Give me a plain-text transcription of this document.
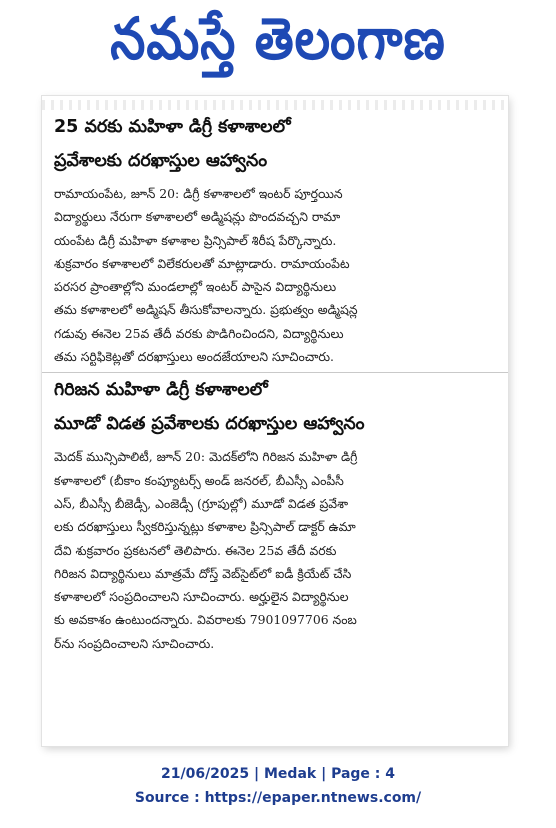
నమస్తే తెలంగాణ
25 వరకు మహిళా డిగ్రీ కళాశాలలో
ప్రవేశాలకు దరఖాస్తుల ఆహ్వానం

రామాయంపేట, జూన్ 20: డిగ్రీ కళాశాలలో ఇంటర్ పూర్తయిన

విద్యార్థులు నేరుగా కళాశాలలో అడ్మిషన్లు పొందవచ్చని రామా

యంపేట డిగ్రీ మహిళా కళాశాల ప్రిన్సిపాల్ శిరీష పేర్కొన్నారు.

శుక్రవారం కళాశాలలో విలేకరులతో మాట్లాడారు. రామాయంపేట

పరసర ప్రాంతాల్లోని మండలాల్లో ఇంటర్ పాసైన విద్యార్థినులు

తమ కళాశాలలో అడ్మిషన్ తీసుకోవాలన్నారు. ప్రభుత్వం అడ్మిషన్ల

గడువు ఈనెల 25వ తేదీ వరకు పొడిగించిందని, విద్యార్థినులు

తమ సర్టిఫికెట్లతో దరఖాస్తులు అందజేయాలని సూచించారు.

గిరిజన మహిళా డిగ్రీ కళాశాలలో
మూడో విడత ప్రవేశాలకు దరఖాస్తుల ఆహ్వానం

మెదక్ మున్సిపాలిటీ, జూన్ 20: మెదక్‌లోని గిరిజన మహిళా డిగ్రీ

కళాశాలలో (బీకాం కంప్యూటర్స్ అండ్ జనరల్, బీఎస్సీ ఎంపీసీ

ఎస్, బీఎస్సీ బీజెడ్సీ, ఎంజెడ్సీ (గ్రూపుల్లో) మూడో విడత ప్రవేశా

లకు దరఖాస్తులు స్వీకరిస్తున్నట్లు కళాశాల ప్రిన్సిపాల్ డాక్టర్ ఉమా

దేవి శుక్రవారం ప్రకటనలో తెలిపారు. ఈనెల 25వ తేదీ వరకు

గిరిజన విద్యార్థినులు మాత్రమే దోస్త్ వెబ్‌సైట్‌లో ఐడీ క్రియేట్ చేసి

కళాశాలలో సంప్రదించాలని సూచించారు. అర్హులైన విద్యార్థినుల

కు అవకాశం ఉంటుందన్నారు. వివరాలకు 7901097706 నంబ

ర్‌ను సంప్రదించాలని సూచించారు.

21/06/2025 | Medak | Page : 4
Source : https://epaper.ntnews.com/
